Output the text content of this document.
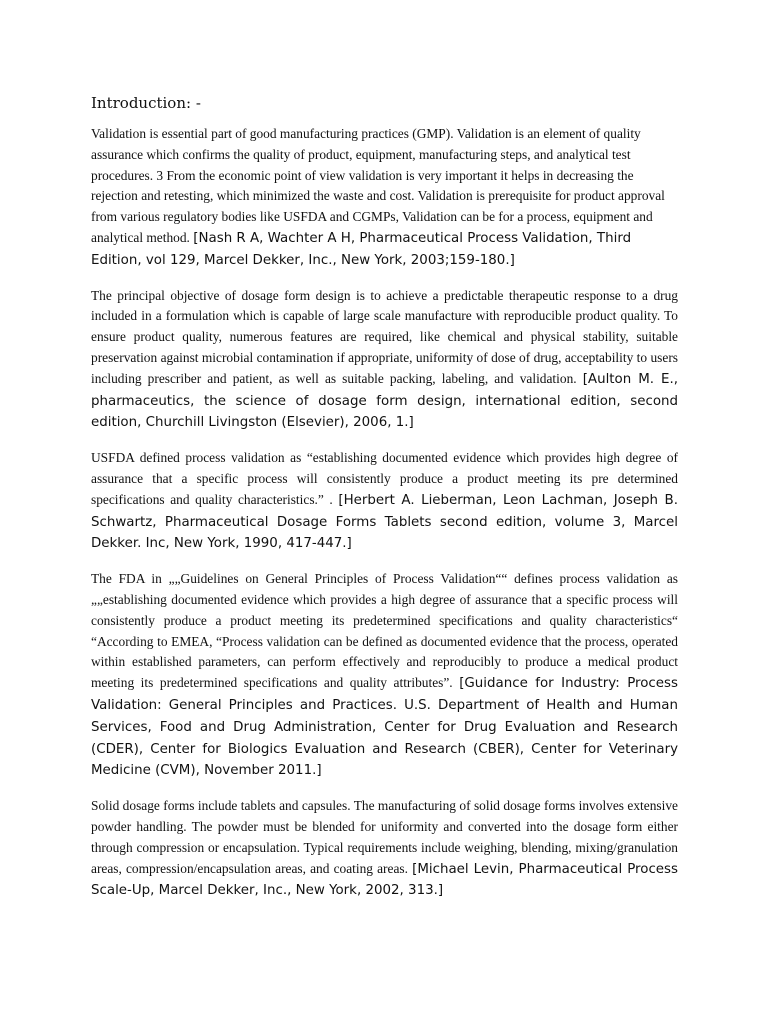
Introduction: -

Validation is essential part of good manufacturing practices (GMP). Validation is an element of quality assurance which confirms the quality of product, equipment, manufacturing steps, and analytical test procedures. 3 From the economic point of view validation is very important it helps in decreasing the rejection and retesting, which minimized the waste and cost. Validation is prerequisite for product approval from various regulatory bodies like USFDA and CGMPs, Validation can be for a process, equipment and analytical method. [Nash R A, Wachter A H, Pharmaceutical Process Validation, Third Edition, vol 129, Marcel Dekker, Inc., New York, 2003;159-180.]

The principal objective of dosage form design is to achieve a predictable therapeutic response to a drug included in a formulation which is capable of large scale manufacture with reproducible product quality. To ensure product quality, numerous features are required, like chemical and physical stability, suitable preservation against microbial contamination if appropriate, uniformity of dose of drug, acceptability to users including prescriber and patient, as well as suitable packing, labeling, and validation. [Aulton M. E., pharmaceutics, the science of dosage form design, international edition, second edition, Churchill Livingston (Elsevier), 2006, 1.]

USFDA defined process validation as “establishing documented evidence which provides high degree of assurance that a specific process will consistently produce a product meeting its pre determined specifications and quality characteristics.” . [Herbert A. Lieberman, Leon Lachman, Joseph B. Schwartz, Pharmaceutical Dosage Forms Tablets second edition, volume 3, Marcel Dekker. Inc, New York, 1990, 417-447.]

The FDA in „„Guidelines on General Principles of Process Validation““ defines process validation as „„establishing documented evidence which provides a high degree of assurance that a specific process will consistently produce a product meeting its predetermined specifications and quality characteristics“ “According to EMEA, “Process validation can be defined as documented evidence that the process, operated within established parameters, can perform effectively and reproducibly to produce a medical product meeting its predetermined specifications and quality attributes”. [Guidance for Industry: Process Validation: General Principles and Practices. U.S. Department of Health and Human Services, Food and Drug Administration, Center for Drug Evaluation and Research (CDER), Center for Biologics Evaluation and Research (CBER), Center for Veterinary Medicine (CVM), November 2011.]

Solid dosage forms include tablets and capsules. The manufacturing of solid dosage forms involves extensive powder handling. The powder must be blended for uniformity and converted into the dosage form either through compression or encapsulation. Typical requirements include weighing, blending, mixing/granulation areas, compression/encapsulation areas, and coating areas. [Michael Levin, Pharmaceutical Process Scale-Up, Marcel Dekker, Inc., New York, 2002, 313.]
